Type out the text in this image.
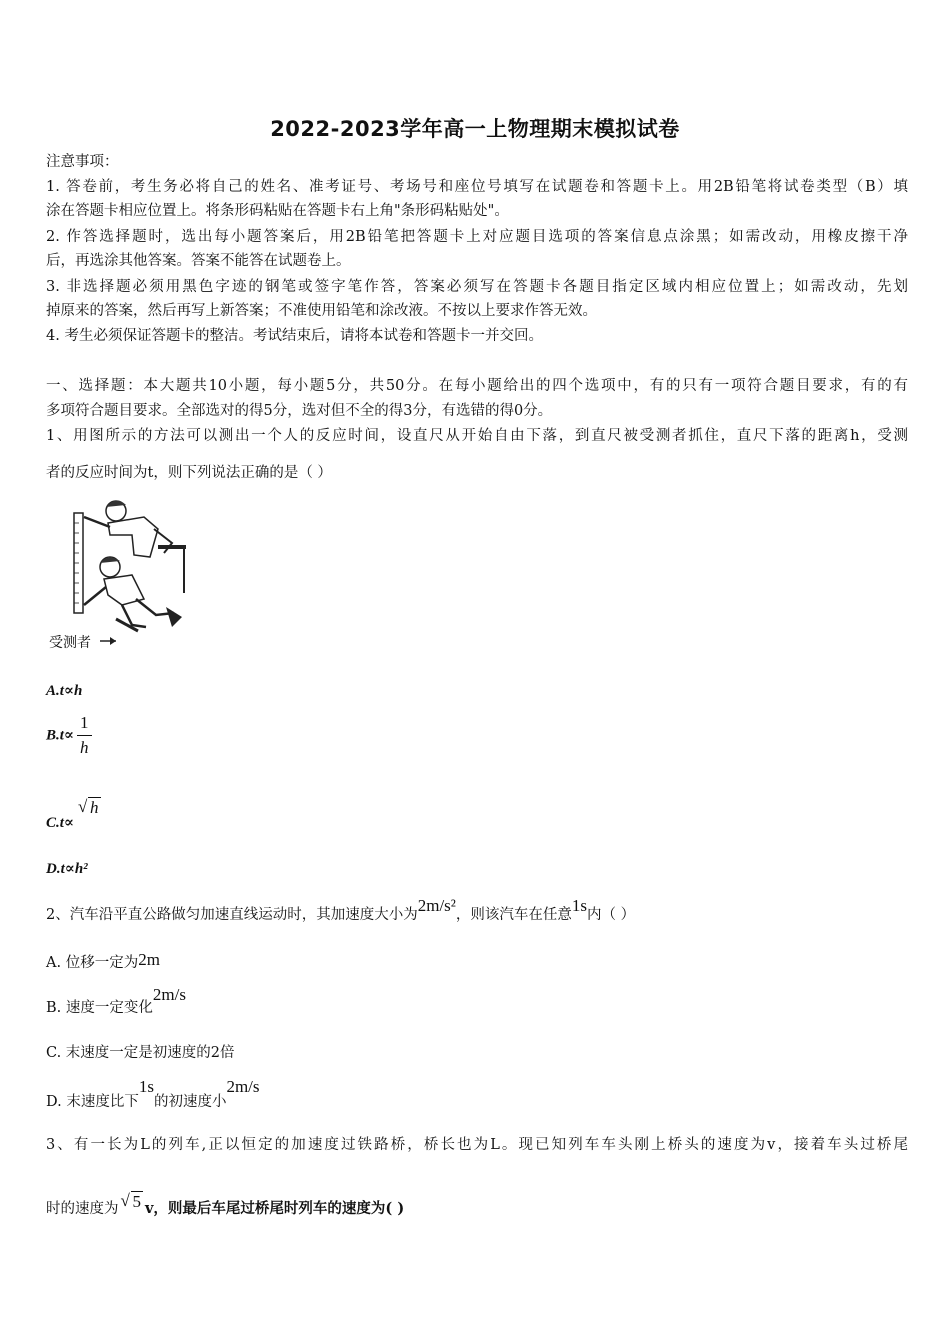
2022-2023学年高一上物理期末模拟试卷
注意事项：
1. 答卷前，考生务必将自己的姓名、准考证号、考场号和座位号填写在试题卷和答题卡上。用2B铅笔将试卷类型（B）填
涂在答题卡相应位置上。将条形码粘贴在答题卡右上角"条形码粘贴处"。
2. 作答选择题时，选出每小题答案后，用2B铅笔把答题卡上对应题目选项的答案信息点涂黑；如需改动，用橡皮擦干净
后，再选涂其他答案。答案不能答在试题卷上。
3. 非选择题必须用黑色字迹的钢笔或签字笔作答，答案必须写在答题卡各题目指定区域内相应位置上；如需改动，先划
掉原来的答案，然后再写上新答案；不准使用铅笔和涂改液。不按以上要求作答无效。
4. 考生必须保证答题卡的整洁。考试结束后，请将本试卷和答题卡一并交回。
一、选择题：本大题共10小题，每小题5分，共50分。在每小题给出的四个选项中，有的只有一项符合题目要求，有的有
多项符合题目要求。全部选对的得5分，选对但不全的得3分，有选错的得0分。
1、用图所示的方法可以测出一个人的反应时间，设直尺从开始自由下落，到直尺被受测者抓住，直尺下落的距离h，受测
者的反应时间为t，则下列说法正确的是（ ）
受测者
A.t∝h
$B.t\propto \frac{1}{h}$
C.t∝
√ h
D.t∝h²
2、汽车沿平直公路做匀加速直线运动时，其加速度大小为2m/s²，则该汽车在任意1s内（ ）
A. 位移一定为2m
B. 速度一定变化2m/s
C. 末速度一定是初速度的2倍
D. 末速度比下1s的初速度小2m/s
3、有一长为L的列车,正以恒定的加速度过铁路桥，桥长也为L。现已知列车车头刚上桥头的速度为v，接着车头过桥尾
时的速度为 √ 5 v，则最后车尾过桥尾时列车的速度为( )
